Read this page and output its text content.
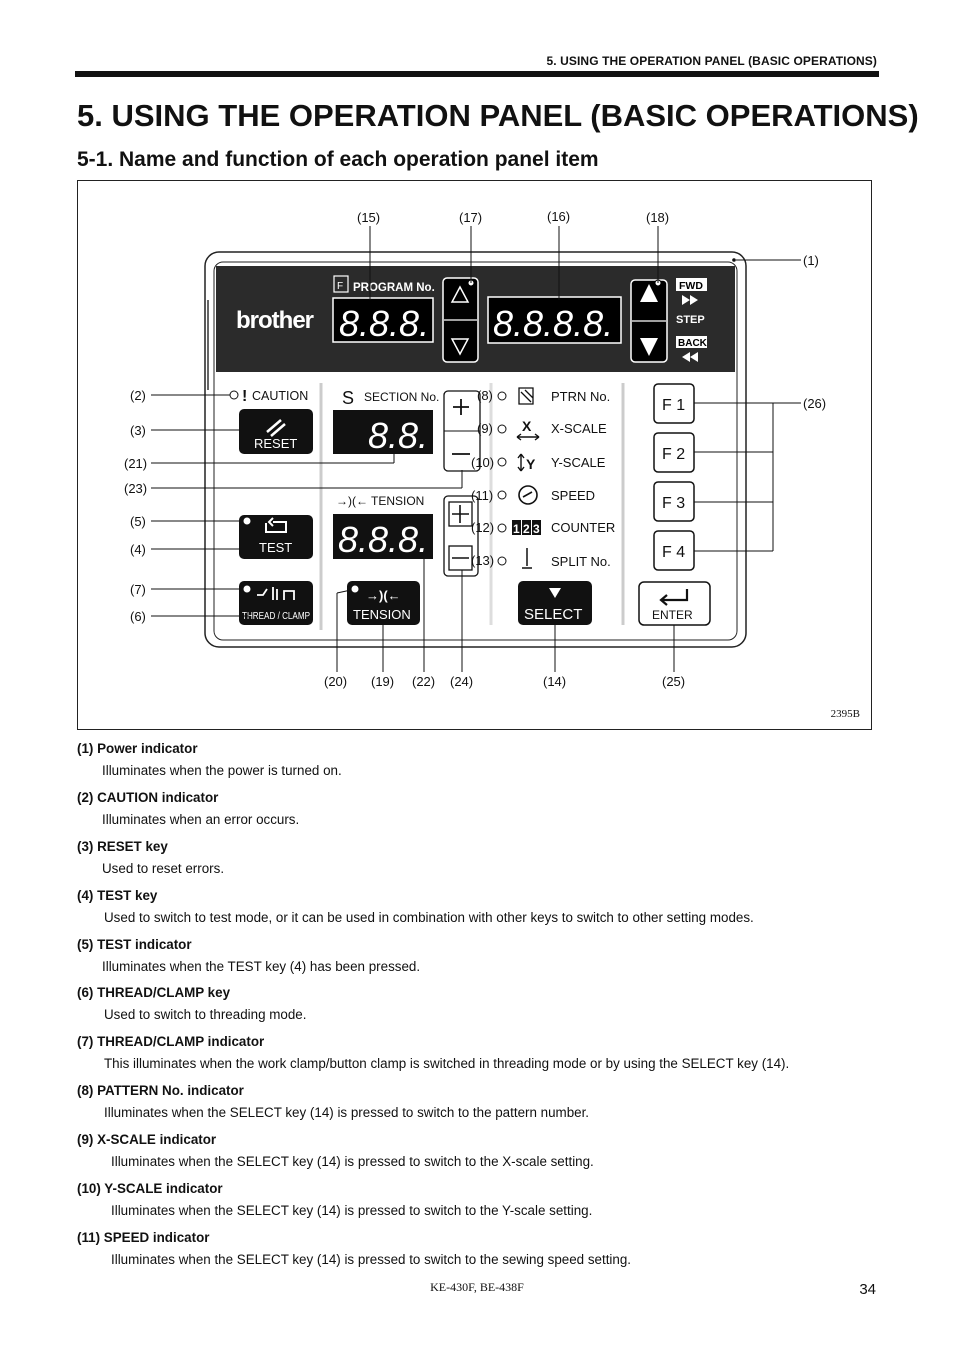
5. USING THE OPERATION PANEL (BASIC OPERATIONS)
5. USING THE OPERATION PANEL (BASIC OPERATIONS)
5-1. Name and function of each operation panel item
brother
PROGRAM No.
F
8.8.8. 8.8.8.8.
FWD
STEP
BACK
! CAUTION
RESET
TEST
THREAD / CLAMP
S SECTION No.
8.8.
→)(← TENSION
8.8.8.
→)(←
TENSION
X
Y
1 2 3
PTRN No.
X-SCALE
Y-SCALE
SPEED
COUNTER
SPLIT No.
SELECT
F 1
F 2
F 3
F 4
ENTER
(15)	(17)	(16)	(18)
(1)
(2)
(3)
(21)
(23)
(5)
(4)
(7)
(6)
(8)
(9)
(10)
(11)
(12)
(13)
(26)
(20) (19) (22) (24)	(14)	(25)
2395B
(1) Power indicator
Illuminates when the power is turned on.
(2) CAUTION indicator
Illuminates when an error occurs.
(3) RESET key
Used to reset errors.
(4) TEST key
Used to switch to test mode, or it can be used in combination with other keys to switch to other setting modes.
(5) TEST indicator
Illuminates when the TEST key (4) has been pressed.
(6) THREAD/CLAMP key
Used to switch to threading mode.
(7) THREAD/CLAMP indicator
This illuminates when the work clamp/button clamp is switched in threading mode or by using the SELECT key (14).
(8) PATTERN No. indicator
Illuminates when the SELECT key (14) is pressed to switch to the pattern number.
(9) X-SCALE indicator
Illuminates when the SELECT key (14) is pressed to switch to the X-scale setting.
(10) Y-SCALE indicator
Illuminates when the SELECT key (14) is pressed to switch to the Y-scale setting.
(11) SPEED indicator
Illuminates when the SELECT key (14) is pressed to switch to the sewing speed setting.
KE-430F, BE-438F	34
